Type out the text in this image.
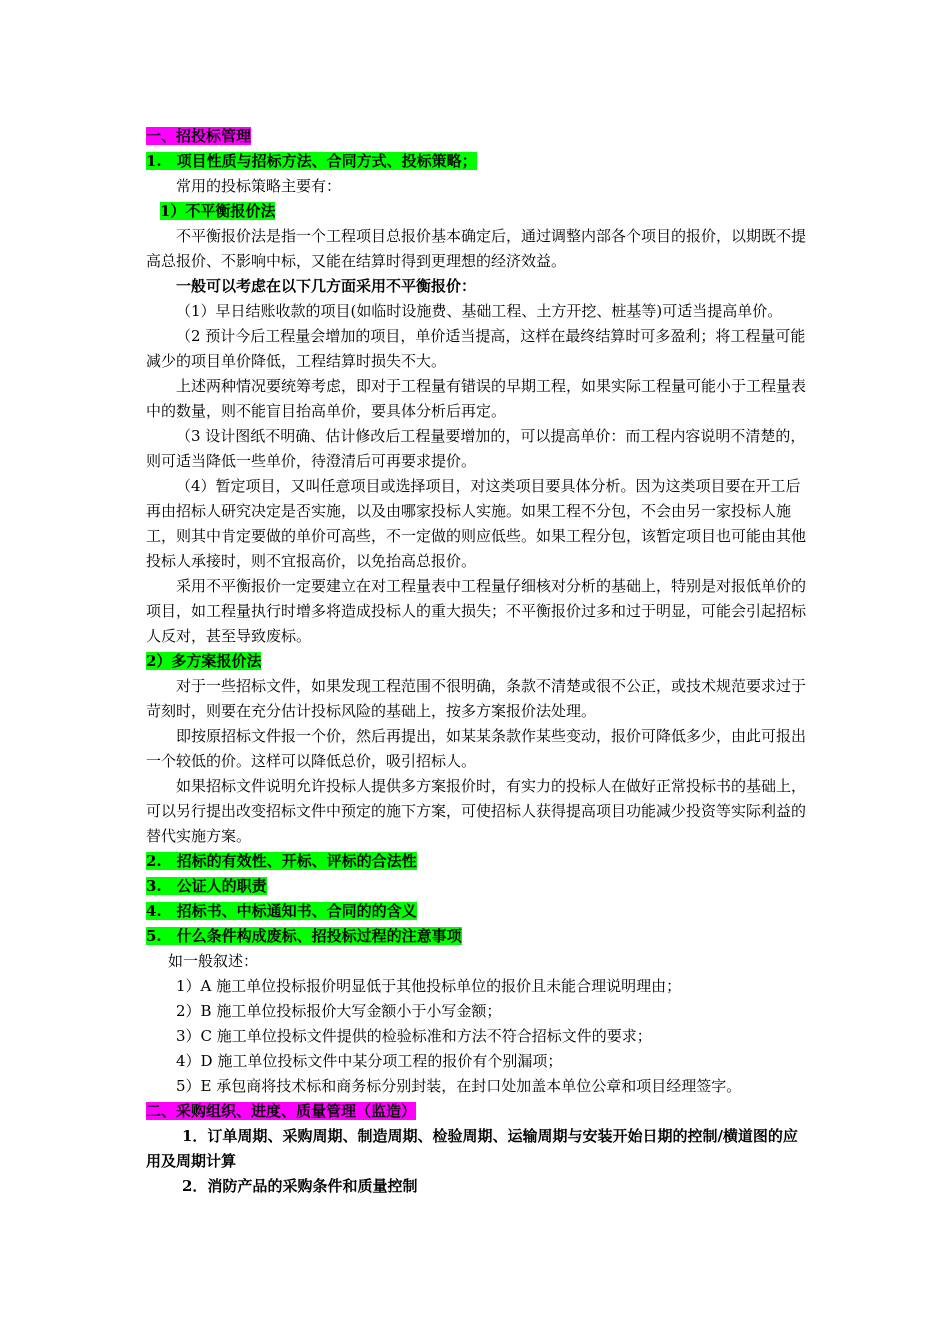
一、招投标管理

1.　项目性质与招标方法、合同方式、投标策略；

常用的投标策略主要有：

1）不平衡报价法

不平衡报价法是指一个工程项目总报价基本确定后，通过调整内部各个项目的报价，以期既不提高总报价、不影响中标，又能在结算时得到更理想的经济效益。

一般可以考虑在以下几方面采用不平衡报价：

（1）早日结账收款的项目(如临时设施费、基础工程、土方开挖、桩基等)可适当提高单价。

（2 预计今后工程量会增加的项目，单价适当提高，这样在最终结算时可多盈利；将工程量可能减少的项目单价降低，工程结算时损失不大。

上述两种情况要统筹考虑，即对于工程量有错误的早期工程，如果实际工程量可能小于工程量表中的数量，则不能盲目抬高单价，要具体分析后再定。

（3 设计图纸不明确、估计修改后工程量要增加的，可以提高单价：而工程内容说明不清楚的，则可适当降低一些单价，待澄清后可再要求提价。

（4）暂定项目，又叫任意项目或选择项目，对这类项目要具体分析。因为这类项目要在开工后再由招标人研究决定是否实施，以及由哪家投标人实施。如果工程不分包，不会由另一家投标人施工，则其中肯定要做的单价可高些，不一定做的则应低些。如果工程分包，该暂定项目也可能由其他投标人承接时，则不宜报高价，以免抬高总报价。

采用不平衡报价一定要建立在对工程量表中工程量仔细核对分析的基础上，特别是对报低单价的项目，如工程量执行时增多将造成投标人的重大损失；不平衡报价过多和过于明显，可能会引起招标人反对，甚至导致废标。

2）多方案报价法

对于一些招标文件，如果发现工程范围不很明确，条款不清楚或很不公正，或技术规范要求过于苛刻时，则要在充分估计投标风险的基础上，按多方案报价法处理。

即按原招标文件报一个价，然后再提出，如某某条款作某些变动，报价可降低多少，由此可报出一个较低的价。这样可以降低总价，吸引招标人。

如果招标文件说明允许投标人提供多方案报价时，有实力的投标人在做好正常投标书的基础上，可以另行提出改变招标文件中预定的施下方案，可使招标人获得提高项目功能减少投资等实际利益的替代实施方案。

2.　招标的有效性、开标、评标的合法性

3.　公证人的职责

4.　招标书、中标通知书、合同的的含义

5.　什么条件构成废标、招投标过程的注意事项

如一般叙述：

1）A 施工单位投标报价明显低于其他投标单位的报价且未能合理说明理由；

2）B 施工单位投标报价大写金额小于小写金额；

3）C 施工单位投标文件提供的检验标准和方法不符合招标文件的要求；

4）D 施工单位投标文件中某分项工程的报价有个别漏项；

5）E 承包商将技术标和商务标分别封装，在封口处加盖本单位公章和项目经理签字。

二、采购组织、进度、质量管理（监造）

1．订单周期、采购周期、制造周期、检验周期、运输周期与安装开始日期的控制/横道图的应用及周期计算

2．消防产品的采购条件和质量控制
